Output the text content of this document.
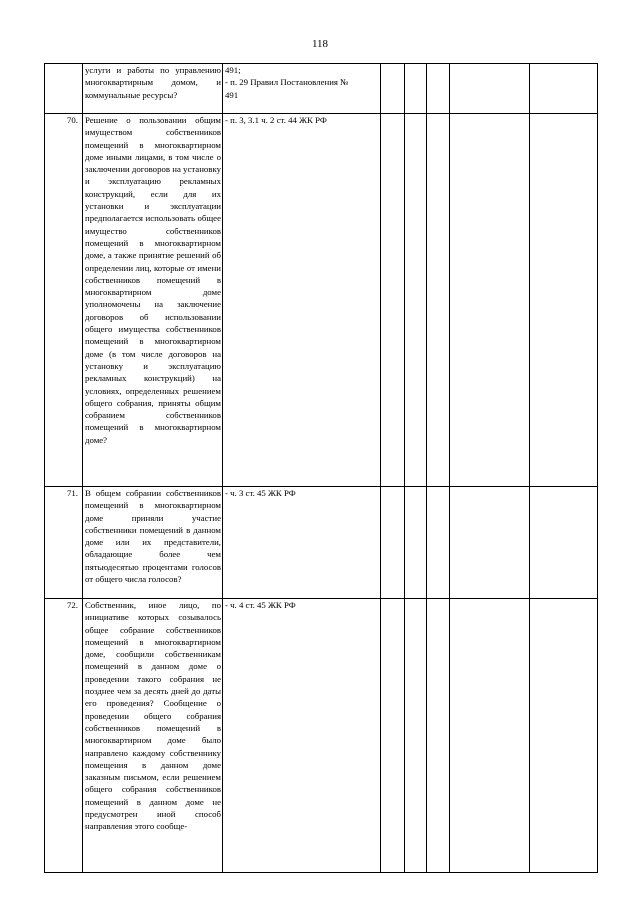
118
	услуги и работы по управлению многоквартирным домом, и коммунальные ресурсы?	491;
- п. 29 Правил Постановления №
491					

70.	Решение о пользовании общим имуществом собственников помещений в многоквартирном доме иными лицами, в том числе о заключении договоров на установку и эксплуатацию рекламных конструкций, если для их установки и эксплуатации предполагается использовать общее имущество собственников помещений в многоквартирном доме, а также принятие решений об определении лиц, которые от имени собственников помещений в многоквартирном доме уполномочены на заключение договоров об использовании общего имущества собственников помещений в многоквартирном доме (в том числе договоров на установку и эксплуатацию рекламных конструкций) на условиях, определенных решением общего собрания, приняты общим собранием собственников помещений в многоквартирном доме?	- п. 3, 3.1 ч. 2 ст. 44 ЖК РФ					

71.	В общем собрании собственников помещений в многоквартирном доме приняли участие собственники помещений в данном доме или их представители, обладающие более чем пятьюдесятью процентами голосов от общего числа голосов?	- ч. 3 ст. 45 ЖК РФ					

72.	Собственник, иное лицо, по инициативе которых созывалось общее собрание собственников помещений в многоквартирном доме, сообщили собственникам помещений в данном доме о проведении такого собрания не позднее чем за десять дней до даты его проведения? Сообщение о проведении общего собрания собственников помещений в многоквартирном доме было направлено каждому собственнику помещения в данном доме заказным письмом, если решением общего собрания собственников помещений в данном доме не предусмотрен иной способ направления этого сообще-	- ч. 4 ст. 45 ЖК РФ					
